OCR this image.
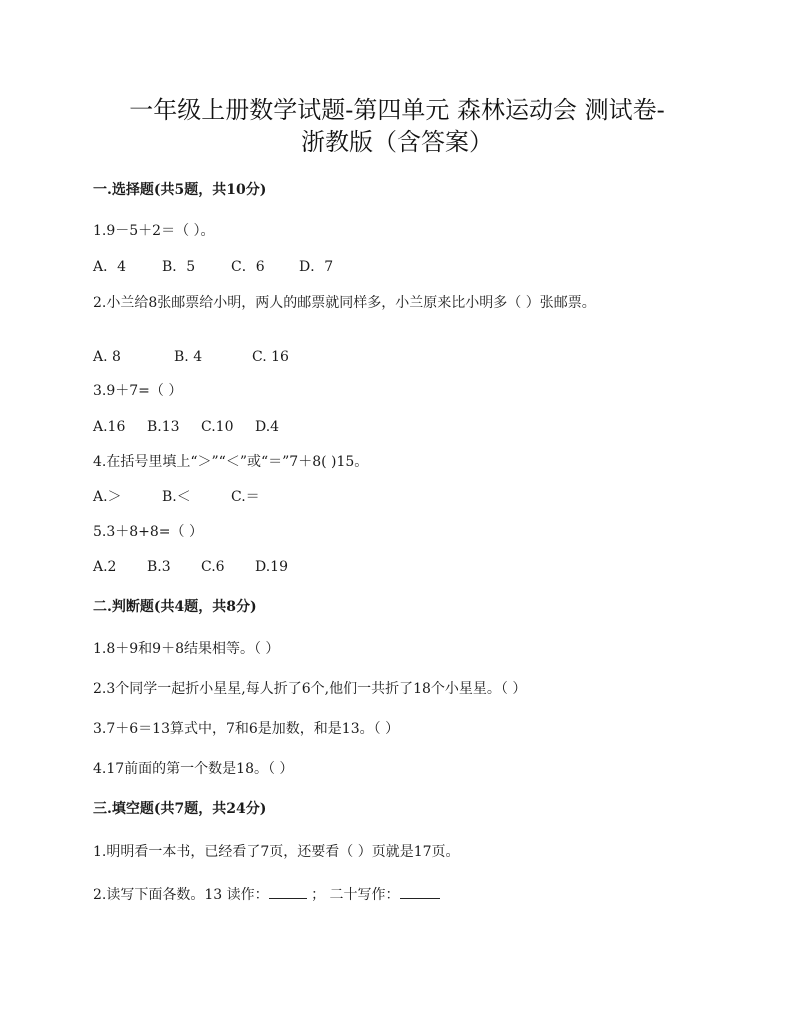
一年级上册数学试题-第四单元 森林运动会 测试卷-
浙教版（含答案）
一.选择题(共5题，共10分)
1.9－5＋2＝（ ）。
A．4	B．5	C．6 D．7
2.小兰给8张邮票给小明，两人的邮票就同样多，小兰原来比小明多（ ）张邮票。
A. 8	B. 4	C. 16
3.9＋7=（ ）
A.16 B.13 C.10 D.4
4.在括号里填上“＞”“＜”或“＝”7＋8( )15。
A.＞	B.＜	C.＝
5.3＋8+8=（ ）
A.2 B.3 C.6 D.19
二.判断题(共4题，共8分)
1.8＋9和9＋8结果相等。（ ）
2.3个同学一起折小星星,每人折了6个,他们一共折了18个小星星。（ ）
3.7＋6＝13算式中，7和6是加数，和是13。（ ）
4.17前面的第一个数是18。（ ）
三.填空题(共7题，共24分)
1.明明看一本书，已经看了7页，还要看（ ）页就是17页。
2.读写下面各数。13 读作：	； 二十写作：
